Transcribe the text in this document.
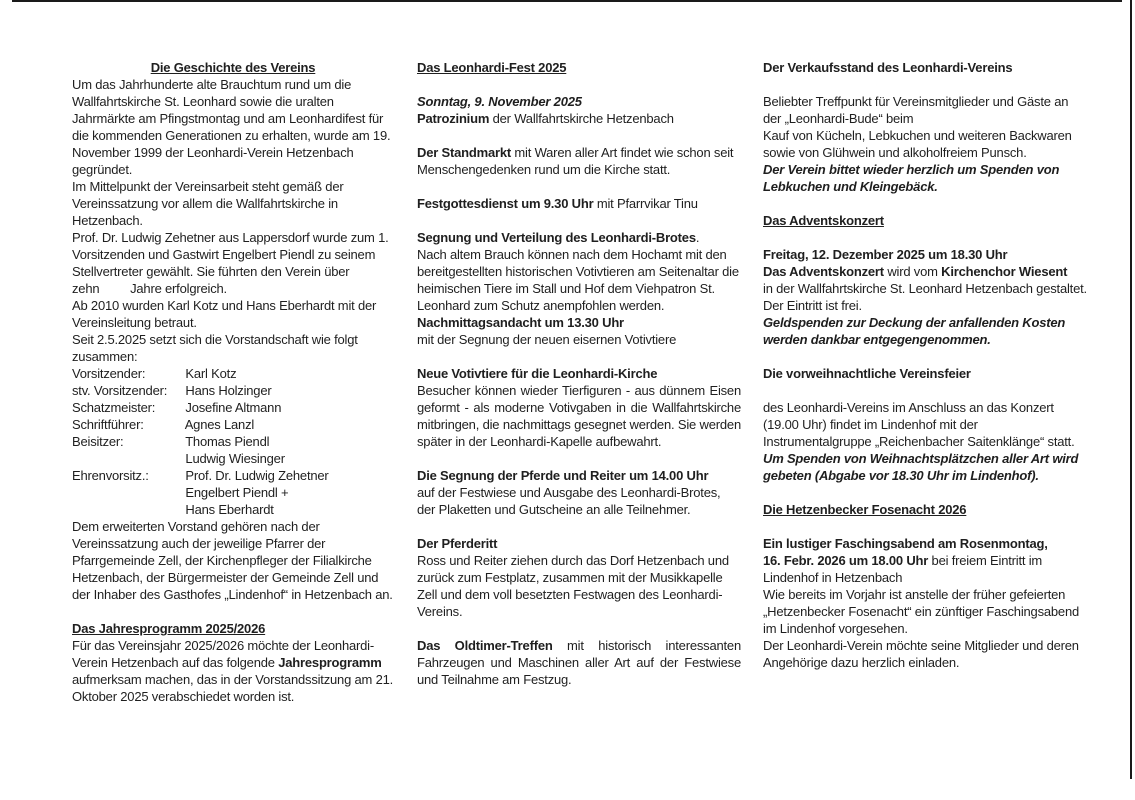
Die Geschichte des Vereins
Um das Jahrhunderte alte Brauchtum rund um die Wallfahrtskirche St. Leonhard sowie die uralten Jahrmärkte am Pfingstmontag und am Leonhardifest für die kommenden Generationen zu erhalten, wurde am 19. November 1999 der Leonhardi-Verein Hetzenbach gegründet.
Im Mittelpunkt der Vereinsarbeit steht gemäß der Vereinssatzung vor allem die Wallfahrtskirche in Hetzenbach.
Prof. Dr. Ludwig Zehetner aus Lappersdorf wurde zum 1. Vorsitzenden und Gastwirt Engelbert Piendl zu seinem Stellvertreter gewählt. Sie führten den Verein über zehn         Jahre erfolgreich.
Ab 2010 wurden Karl Kotz und Hans Eberhardt mit der Vereinsleitung betraut.
Seit 2.5.2025 setzt sich die Vorstandschaft wie folgt zusammen:
Vorsitzender:	Karl Kotz
stv. Vorsitzender: Hans Holzinger
Schatzmeister: Josefine Altmann
Schriftführer:	Agnes Lanzl
Beisitzer:	Thomas Piendl
Ludwig Wiesinger
Ehrenvorsitz.:	Prof. Dr. Ludwig Zehetner
Engelbert Piendl +
Hans Eberhardt
Dem erweiterten Vorstand gehören nach der Vereinssatzung auch der jeweilige Pfarrer der Pfarrgemeinde Zell, der Kirchenpfleger der Filialkirche Hetzenbach, der Bürgermeister der Gemeinde Zell und der Inhaber des Gasthofes „Lindenhof“ in Hetzenbach an.
Das Jahresprogramm 2025/2026
Für das Vereinsjahr 2025/2026 möchte der Leonhardi-Verein Hetzenbach auf das folgende Jahresprogramm aufmerksam machen, das in der Vorstandssitzung am 21. Oktober 2025 verabschiedet worden ist.
Das Leonhardi-Fest 2025
Sonntag, 9. November 2025
Patrozinium der Wallfahrtskirche Hetzenbach
Der Standmarkt mit Waren aller Art findet wie schon seit Menschengedenken rund um die Kirche statt.
Festgottesdienst um 9.30 Uhr mit Pfarrvikar Tinu
Segnung und Verteilung des Leonhardi-Brotes.
Nach altem Brauch können nach dem Hochamt mit den bereitgestellten historischen Votivtieren am Seitenaltar die heimischen Tiere im Stall und Hof dem Viehpatron St. Leonhard zum Schutz anempfohlen werden.
Nachmittagsandacht um 13.30 Uhr
mit der Segnung der neuen eisernen Votivtiere
Neue Votivtiere für die Leonhardi-Kirche
Besucher können wieder Tierfiguren - aus dünnem Eisen geformt - als moderne Votivgaben in die Wallfahrtskirche mitbringen, die nachmittags gesegnet werden. Sie werden später in der Leonhardi-Kapelle aufbewahrt.
Die Segnung der Pferde und Reiter um 14.00 Uhr
auf der Festwiese und Ausgabe des Leonhardi-Brotes, der Plaketten und Gutscheine an alle Teilnehmer.
Der Pferderitt
Ross und Reiter ziehen durch das Dorf Hetzenbach und zurück zum Festplatz, zusammen mit der Musikkapelle Zell und dem voll besetzten Festwagen des Leonhardi-Vereins.
Das Oldtimer-Treffen mit historisch interessanten Fahrzeugen und Maschinen aller Art auf der Festwiese und Teilnahme am Festzug.
Der Verkaufsstand des Leonhardi-Vereins
Beliebter Treffpunkt für Vereinsmitglieder und Gäste an der „Leonhardi-Bude“ beim
Kauf von Kücheln, Lebkuchen und weiteren Backwaren sowie von Glühwein und alkoholfreiem Punsch.
Der Verein bittet wieder herzlich um Spenden von Lebkuchen und Kleingebäck.
Das Adventskonzert
Freitag, 12. Dezember 2025 um 18.30 Uhr
Das Adventskonzert wird vom Kirchenchor Wiesent
in der Wallfahrtskirche St. Leonhard Hetzenbach gestaltet.
Der Eintritt ist frei.
Geldspenden zur Deckung der anfallenden Kosten werden dankbar entgegengenommen.
Die vorweihnachtliche Vereinsfeier
des Leonhardi-Vereins im Anschluss an das Konzert (19.00 Uhr) findet im Lindenhof mit der Instrumentalgruppe „Reichenbacher Saitenklänge“ statt.
Um Spenden von Weihnachtsplätzchen aller Art wird gebeten (Abgabe vor 18.30 Uhr im Lindenhof).
Die Hetzenbecker Fosenacht 2026
Ein lustiger Faschingsabend am Rosenmontag,
16. Febr. 2026 um 18.00 Uhr bei freiem Eintritt im Lindenhof in Hetzenbach
Wie bereits im Vorjahr ist anstelle der früher gefeierten „Hetzenbecker Fosenacht“ ein zünftiger Faschingsabend im Lindenhof vorgesehen.
Der Leonhardi-Verein möchte seine Mitglieder und deren Angehörige dazu herzlich einladen.
